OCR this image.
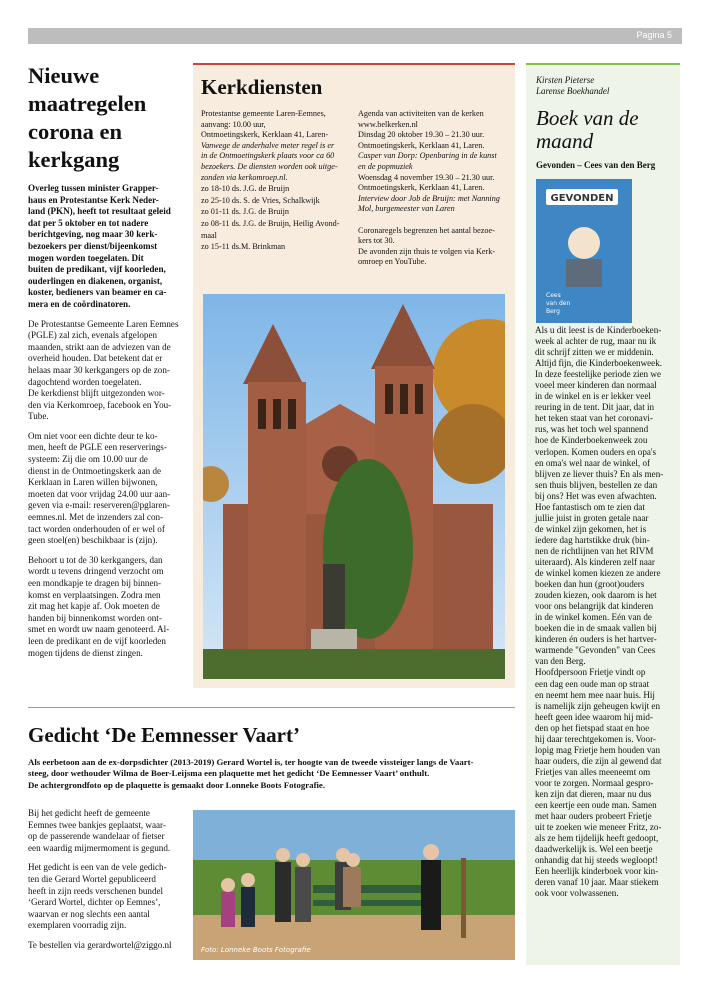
Pagina 5
Nieuwe
maatregelen
corona en
kerkgang

Overleg tussen minister Grapper-
haus en Protestantse Kerk Neder-
land (PKN), heeft tot resultaat geleid
dat per 5 oktober en tot nadere
berichtgeving, nog maar 30 kerk-
bezoekers per dienst/bijeenkomst
mogen worden toegelaten. Dit
buiten de predikant, vijf koorleden,
ouderlingen en diakenen, organist,
koster, bedieners van beamer en ca-
mera en de coördinatoren.

De Protestantse Gemeente Laren Eemnes
(PGLE) zal zich, evenals afgelopen
maanden, strikt aan de adviezen van de
overheid houden. Dat betekent dat er
helaas maar 30 kerkgangers op de zon-
dagochtend worden toegelaten.

De kerkdienst blijft uitgezonden wor-
den via Kerkomroep, facebook en You-
Tube.

Om niet voor een dichte deur te ko-
men, heeft de PGLE een reserverings-
systeem: Zij die om 10.00 uur de
dienst in de Ontmoetingskerk aan de
Kerklaan in Laren willen bijwonen,
moeten dat voor vrijdag 24.00 uur aan-
geven via e-mail: reserveren@pglaren-
eemnes.nl. Met de inzenders zal con-
tact worden onderhouden of er wel of
geen stoel(en) beschikbaar is (zijn).

Behoort u tot de 30 kerkgangers, dan
wordt u tevens dringend verzocht om
een mondkapje te dragen bij binnen-
komst en verplaatsingen. Zodra men
zit mag het kapje af. Ook moeten de
handen bij binnenkomst worden ont-
smet en wordt uw naam genoteerd. Al-
leen de predikant en de vijf koorleden
mogen tijdens de dienst zingen.

Kerkdiensten
Protestantse gemeente Laren-Eemnes,
aanvang: 10.00 uur,
Ontmoetingskerk, Kerklaan 41, Laren-
Vanwege de anderhalve meter regel is er
in de Ontmoetingskerk plaats voor ca 60
bezoekers. De diensten worden ook uitge-
zonden via kerkomroep.nl.
zo 18-10 ds. J.G. de Bruijn
zo 25-10 ds. S. de Vries, Schalkwijk
zo 01-11 ds. J.G. de Bruijn
zo 08-11 ds. J.G. de Bruijn, Heilig Avond-
maal
zo 15-11 ds.M. Brinkman
Agenda van activiteiten van de kerken
www.belkerken.nl
Dinsdag 20 oktober 19.30 – 21.30 uur.
Ontmoetingskerk, Kerklaan 41, Laren.
Casper van Dorp: Openbaring in de kunst
en de popmuziek
Woensdag 4 november 19.30 – 21.30 uur.
Ontmoetingskerk, Kerklaan 41, Laren.
Interview door Job de Bruijn: met Nanning
Mol, burgemeester van Laren

Coronaregels begrenzen het aantal bezoe-
kers tot 30.
De avonden zijn thuis te volgen via Kerk-
omroep en YouTube.
Kirsten Pieterse
Larense Boekhandel
Boek van de
maand
Gevonden – Cees van den Berg
GEVONDEN
Cees
van den
Berg
Als u dit leest is de Kinderboeken-
week al achter de rug, maar nu ik
dit schrijf zitten we er middenin.
Altijd fijn, die Kinderboekenweek.
In deze feestelijke periode zien we
voeel meer kinderen dan normaal
in de winkel en is er lekker veel
reuring in de tent. Dit jaar, dat in
het teken staat van het coronavi-
rus, was het toch wel spannend
hoe de Kinderboekenweek zou
verlopen. Komen ouders en opa's
en oma's wel naar de winkel, of
blijven ze liever thuis? En als men-
sen thuis blijven, bestellen ze dan
bij ons? Het was even afwachten.
Hoe fantastisch om te zien dat
jullie juist in groten getale naar
de winkel zijn gekomen, het is
iedere dag hartstikke druk (bin-
nen de richtlijnen van het RIVM
uiteraard). Als kinderen zelf naar
de winkel komen kiezen ze andere
boeken dan hun (groot)ouders
zouden kiezen, ook daarom is het
voor ons belangrijk dat kinderen
in de winkel komen. Eén van de
boeken die in de smaak vallen bij
kinderen én ouders is het hartver-
warmende "Gevonden" van Cees
van den Berg.
Hoofdpersoon Frietje vindt op
een dag een oude man op straat
en neemt hem mee naar huis. Hij
is namelijk zijn geheugen kwijt en
heeft geen idee waarom hij mid-
den op het fietspad staat en hoe
hij daar terechtgekomen is. Voor-
lopig mag Frietje hem houden van
haar ouders, die zijn al gewend dat
Frietjes van alles meeneemt om
voor te zorgen. Normaal gespro-
ken zijn dat dieren, maar nu dus
een keertje een oude man. Samen
met haar ouders probeert Frietje
uit te zoeken wie meneer Fritz, zo-
als ze hem tijdelijk heeft gedoopt,
daadwerkelijk is. Wel een beetje
onhandig dat hij steeds wegloopt!
Een heerlijk kinderboek voor kin-
deren vanaf 10 jaar. Maar stiekem
ook voor volwassenen.
Gedicht ‘De Eemnesser Vaart’
Als eerbetoon aan de ex-dorpsdichter (2013-2019) Gerard Wortel is, ter hoogte van de tweede vissteiger langs de Vaart-
steeg, door wethouder Wilma de Boer-Leijsma een plaquette met het gedicht ‘De Eemnesser Vaart’ onthult.
De achtergrondfoto op de plaquette is gemaakt door Lonneke Boots Fotografie.

Bij het gedicht heeft de gemeente
Eemnes twee bankjes geplaatst, waar-
op de passerende wandelaar of fietser
een waardig mijmermoment is gegund.

Het gedicht is een van de vele gedich-
ten die Gerard Wortel gepubliceerd
heeft in zijn reeds verschenen bundel
‘Gerard Wortel, dichter op Eemnes’,
waarvan er nog slechts een aantal
exemplaren voorradig zijn.

Te bestellen via gerardwortel@ziggo.nl

Foto: Lonneke Boots Fotografie
